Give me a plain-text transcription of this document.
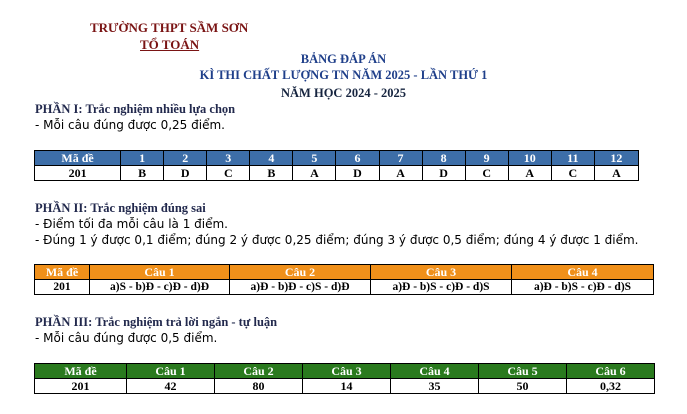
TRƯỜNG THPT SẦM SƠN
TỔ TOÁN
BẢNG ĐÁP ÁN
KÌ THI CHẤT LƯỢNG TN NĂM 2025 - LẦN THỨ 1
NĂM HỌC 2024 - 2025
PHẦN I: Trắc nghiệm nhiều lựa chọn
- Mỗi câu đúng được 0,25 điểm.
Mã đề	1	2	3	4	5	6	7	8	9	10	11	12
201	B	D	C	B	A	D	A	D	C	A	C	A
PHẦN II: Trắc nghiệm đúng sai
- Điểm tối đa mỗi câu là 1 điểm.
- Đúng 1 ý được 0,1 điểm; đúng 2 ý được 0,25 điểm; đúng 3 ý được 0,5 điểm; đúng 4 ý được 1 điểm.
Mã đề	Câu 1	Câu 2	Câu 3	Câu 4
201	a)S - b)Đ - c)Đ - d)Đ	a)Đ - b)Đ - c)S - d)Đ	a)Đ - b)S - c)Đ - d)S	a)Đ - b)S - c)Đ - d)S
PHẦN III: Trắc nghiệm trả lời ngắn - tự luận
- Mỗi câu đúng được 0,5 điểm.
Mã đề	Câu 1	Câu 2	Câu 3	Câu 4	Câu 5	Câu 6
201	42	80	14	35	50	0,32
